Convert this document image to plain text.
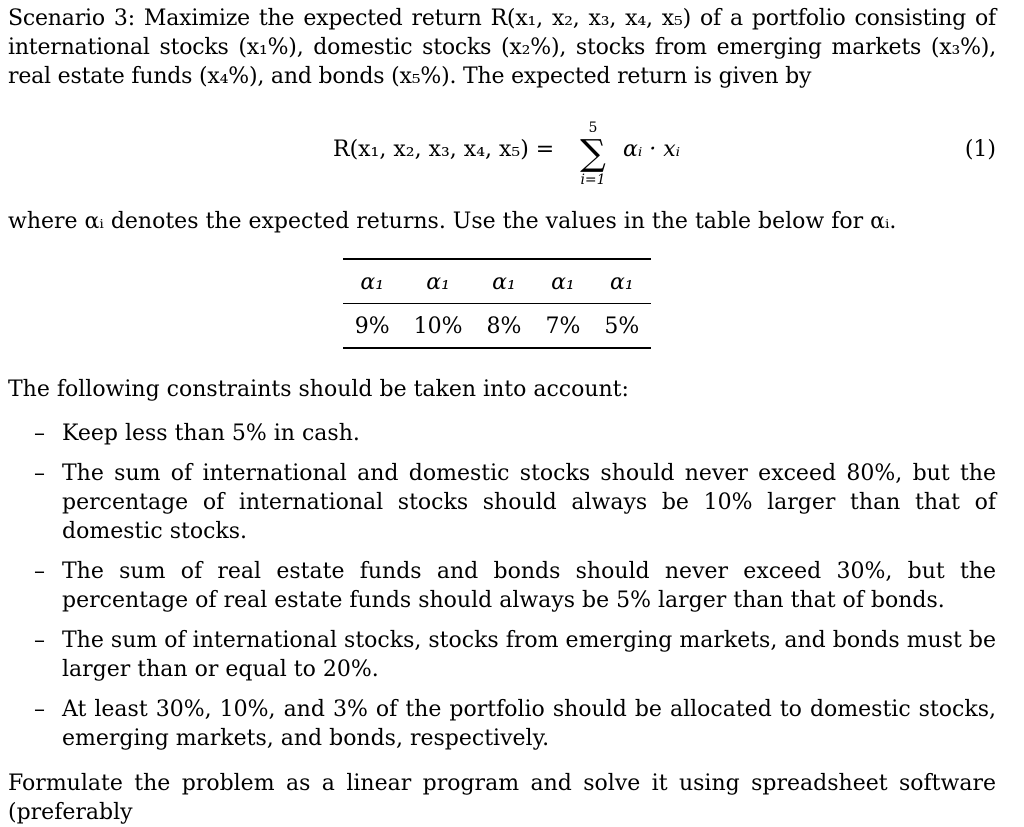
Scenario 3: Maximize the expected return R(x₁, x₂, x₃, x₄, x₅) of a portfolio consisting of international stocks (x₁%), domestic stocks (x₂%), stocks from emerging markets (x₃%), real estate funds (x₄%), and bonds (x₅%). The expected return is given by

R(x₁, x₂, x₃, x₄, x₅) =
5
∑
i=1
αᵢ · xᵢ	(1)

where αᵢ denotes the expected returns. Use the values in the table below for αᵢ.

α₁	α₁	α₁	α₁	α₁
9%	10%	8%	7%	5%

The following constraints should be taken into account:

– Keep less than 5% in cash.
– The sum of international and domestic stocks should never exceed 80%, but the percentage of international stocks should always be 10% larger than that of domestic stocks.
– The sum of real estate funds and bonds should never exceed 30%, but the percentage of real estate funds should always be 5% larger than that of bonds.
– The sum of international stocks, stocks from emerging markets, and bonds must be larger than or equal to 20%.
– At least 30%, 10%, and 3% of the portfolio should be allocated to domestic stocks, emerging markets, and bonds, respectively.

Formulate the problem as a linear program and solve it using spreadsheet software (preferably
